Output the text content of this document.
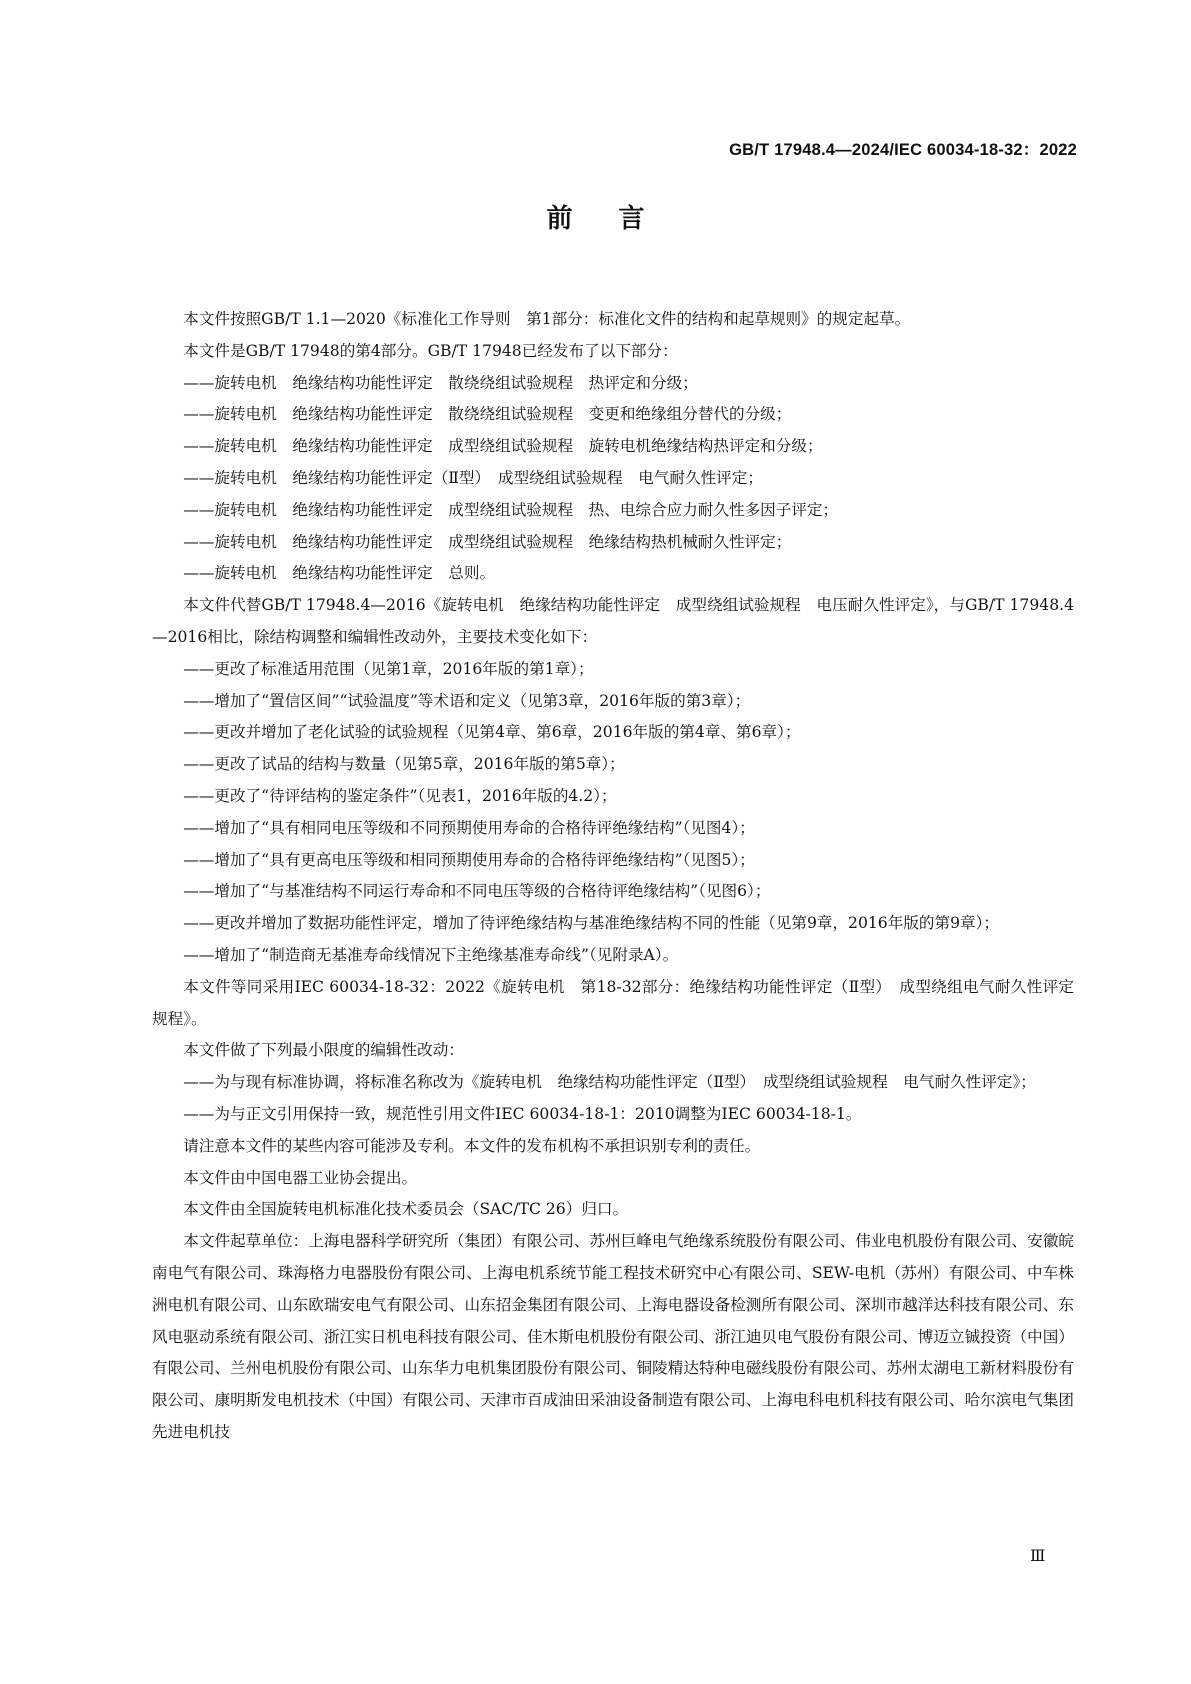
GB/T 17948.4—2024/IEC 60034-18-32：2022
前言

本文件按照GB/T 1.1—2020《标准化工作导则　第1部分：标准化文件的结构和起草规则》的规定起草。

本文件是GB/T 17948的第4部分。GB/T 17948已经发布了以下部分：

——旋转电机　绝缘结构功能性评定　散绕绕组试验规程　热评定和分级；

——旋转电机　绝缘结构功能性评定　散绕绕组试验规程　变更和绝缘组分替代的分级；

——旋转电机　绝缘结构功能性评定　成型绕组试验规程　旋转电机绝缘结构热评定和分级；

——旋转电机　绝缘结构功能性评定（Ⅱ型）　成型绕组试验规程　电气耐久性评定；

——旋转电机　绝缘结构功能性评定　成型绕组试验规程　热、电综合应力耐久性多因子评定；

——旋转电机　绝缘结构功能性评定　成型绕组试验规程　绝缘结构热机械耐久性评定；

——旋转电机　绝缘结构功能性评定　总则。

本文件代替GB/T 17948.4—2016《旋转电机　绝缘结构功能性评定　成型绕组试验规程　电压耐久性评定》，与GB/T 17948.4—2016相比，除结构调整和编辑性改动外，主要技术变化如下：

——更改了标准适用范围（见第1章，2016年版的第1章）；

——增加了“置信区间”“试验温度”等术语和定义（见第3章，2016年版的第3章）；

——更改并增加了老化试验的试验规程（见第4章、第6章，2016年版的第4章、第6章）；

——更改了试品的结构与数量（见第5章，2016年版的第5章）；

——更改了“待评结构的鉴定条件”（见表1，2016年版的4.2）；

——增加了“具有相同电压等级和不同预期使用寿命的合格待评绝缘结构”（见图4）；

——增加了“具有更高电压等级和相同预期使用寿命的合格待评绝缘结构”（见图5）；

——增加了“与基准结构不同运行寿命和不同电压等级的合格待评绝缘结构”（见图6）；

——更改并增加了数据功能性评定，增加了待评绝缘结构与基准绝缘结构不同的性能（见第9章，2016年版的第9章）；

——增加了“制造商无基准寿命线情况下主绝缘基准寿命线”（见附录A）。

本文件等同采用IEC 60034-18-32：2022《旋转电机　第18-32部分：绝缘结构功能性评定（Ⅱ型）　成型绕组电气耐久性评定规程》。

本文件做了下列最小限度的编辑性改动：

——为与现有标准协调，将标准名称改为《旋转电机　绝缘结构功能性评定（Ⅱ型）　成型绕组试验规程　电气耐久性评定》；

——为与正文引用保持一致，规范性引用文件IEC 60034-18-1：2010调整为IEC 60034-18-1。

请注意本文件的某些内容可能涉及专利。本文件的发布机构不承担识别专利的责任。

本文件由中国电器工业协会提出。

本文件由全国旋转电机标准化技术委员会（SAC/TC 26）归口。

本文件起草单位：上海电器科学研究所（集团）有限公司、苏州巨峰电气绝缘系统股份有限公司、伟业电机股份有限公司、安徽皖南电气有限公司、珠海格力电器股份有限公司、上海电机系统节能工程技术研究中心有限公司、SEW-电机（苏州）有限公司、中车株洲电机有限公司、山东欧瑞安电气有限公司、山东招金集团有限公司、上海电器设备检测所有限公司、深圳市越洋达科技有限公司、东风电驱动系统有限公司、浙江实日机电科技有限公司、佳木斯电机股份有限公司、浙江迪贝电气股份有限公司、博迈立铖投资（中国）有限公司、兰州电机股份有限公司、山东华力电机集团股份有限公司、铜陵精达特种电磁线股份有限公司、苏州太湖电工新材料股份有限公司、康明斯发电机技术（中国）有限公司、天津市百成油田采油设备制造有限公司、上海电科电机科技有限公司、哈尔滨电气集团先进电机技

Ⅲ
